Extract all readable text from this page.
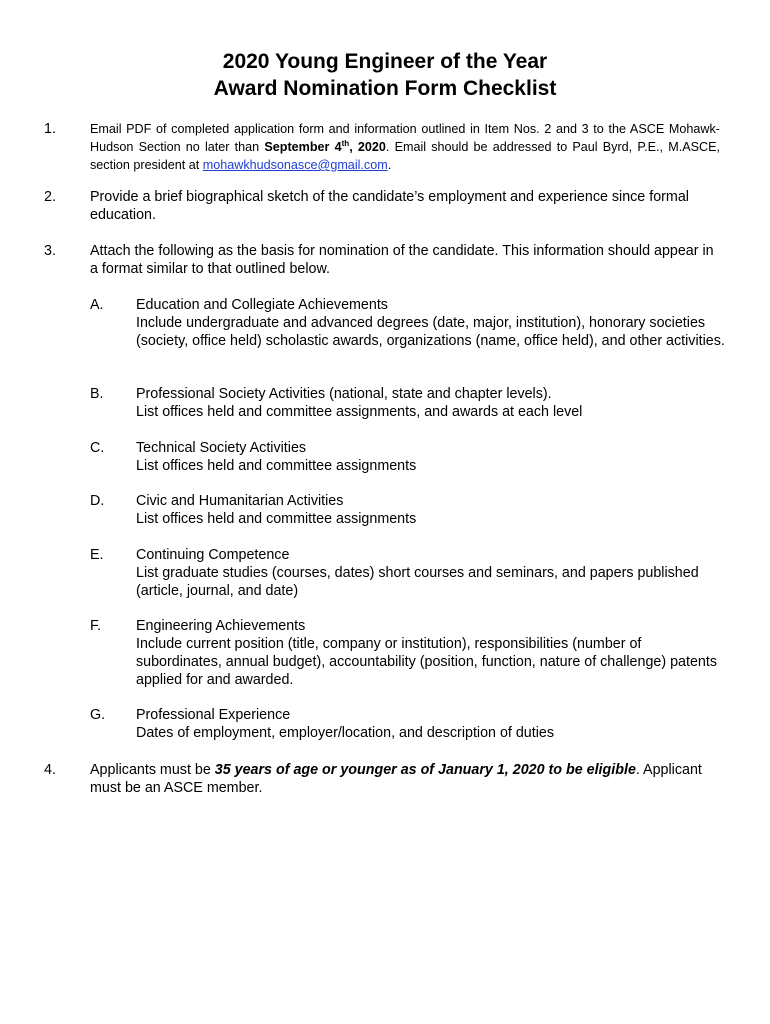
2020 Young Engineer of the Year
Award Nomination Form Checklist
1.	Email PDF of completed application form and information outlined in Item Nos. 2 and 3 to the ASCE Mohawk-Hudson Section no later than September 4th, 2020. Email should be addressed to Paul Byrd, P.E., M.ASCE, section president at mohawkhudsonasce@gmail.com.
2. Provide a brief biographical sketch of the candidate’s employment and experience since formal education.
3. Attach the following as the basis for nomination of the candidate. This information should appear in a format similar to that outlined below.
A. Education and Collegiate Achievements
Include undergraduate and advanced degrees (date, major, institution), honorary societies (society, office held) scholastic awards, organizations (name, office held), and other activities.
B. Professional Society Activities (national, state and chapter levels).
List offices held and committee assignments, and awards at each level
C. Technical Society Activities
List offices held and committee assignments
D. Civic and Humanitarian Activities
List offices held and committee assignments
E. Continuing Competence
List graduate studies (courses, dates) short courses and seminars, and papers published (article, journal, and date)
F. Engineering Achievements
Include current position (title, company or institution), responsibilities (number of subordinates, annual budget), accountability (position, function, nature of challenge) patents applied for and awarded.
G. Professional Experience
Dates of employment, employer/location, and description of duties
4. Applicants must be 35 years of age or younger as of January 1, 2020 to be eligible. Applicant must be an ASCE member.
